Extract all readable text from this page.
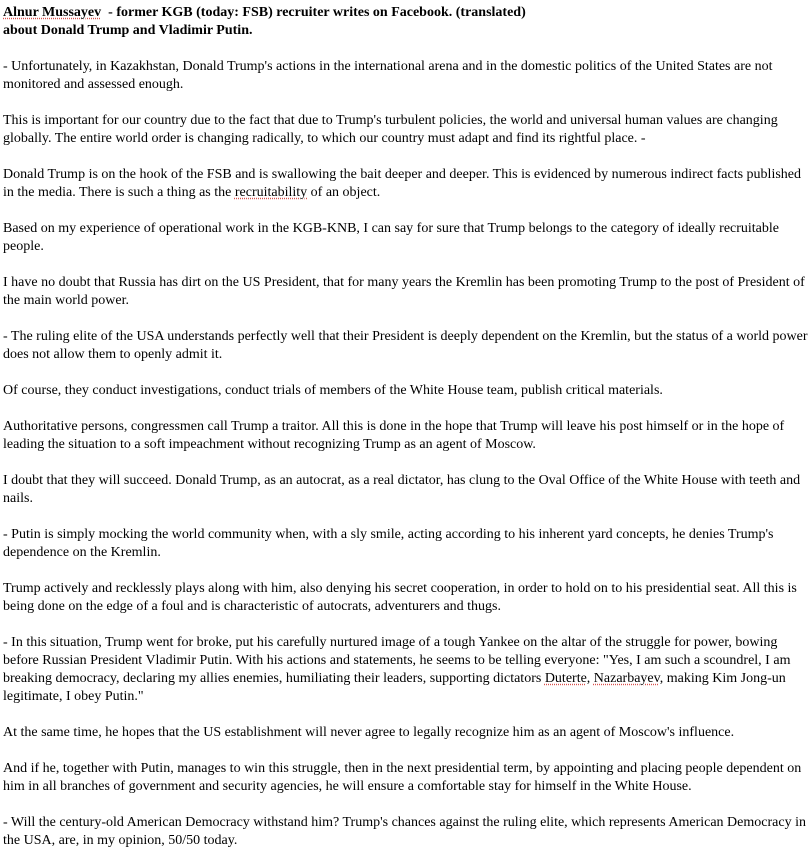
Alnur Mussayev  - former KGB (today: FSB) recruiter writes on Facebook. (translated)
about Donald Trump and Vladimir Putin.

- Unfortunately, in Kazakhstan, Donald Trump's actions in the international arena and in the domestic politics of the United States are not monitored and assessed enough.

This is important for our country due to the fact that due to Trump's turbulent policies, the world and universal human values are changing globally. The entire world order is changing radically, to which our country must adapt and find its rightful place. -

Donald Trump is on the hook of the FSB and is swallowing the bait deeper and deeper. This is evidenced by numerous indirect facts published in the media. There is such a thing as the recruitability of an object.

Based on my experience of operational work in the KGB-KNB, I can say for sure that Trump belongs to the category of ideally recruitable people.

I have no doubt that Russia has dirt on the US President, that for many years the Kremlin has been promoting Trump to the post of President of the main world power.

- The ruling elite of the USA understands perfectly well that their President is deeply dependent on the Kremlin, but the status of a world power does not allow them to openly admit it.

Of course, they conduct investigations, conduct trials of members of the White House team, publish critical materials.

Authoritative persons, congressmen call Trump a traitor. All this is done in the hope that Trump will leave his post himself or in the hope of leading the situation to a soft impeachment without recognizing Trump as an agent of Moscow.

I doubt that they will succeed. Donald Trump, as an autocrat, as a real dictator, has clung to the Oval Office of the White House with teeth and nails.

- Putin is simply mocking the world community when, with a sly smile, acting according to his inherent yard concepts, he denies Trump's dependence on the Kremlin.

Trump actively and recklessly plays along with him, also denying his secret cooperation, in order to hold on to his presidential seat. All this is being done on the edge of a foul and is characteristic of autocrats, adventurers and thugs.

- In this situation, Trump went for broke, put his carefully nurtured image of a tough Yankee on the altar of the struggle for power, bowing before Russian President Vladimir Putin. With his actions and statements, he seems to be telling everyone: "Yes, I am such a scoundrel, I am breaking democracy, declaring my allies enemies, humiliating their leaders, supporting dictators Duterte, Nazarbayev, making Kim Jong-un legitimate, I obey Putin."

At the same time, he hopes that the US establishment will never agree to legally recognize him as an agent of Moscow's influence.

And if he, together with Putin, manages to win this struggle, then in the next presidential term, by appointing and placing people dependent on him in all branches of government and security agencies, he will ensure a comfortable stay for himself in the White House.

- Will the century-old American Democracy withstand him? Trump's chances against the ruling elite, which represents American Democracy in the USA, are, in my opinion, 50/50 today.
